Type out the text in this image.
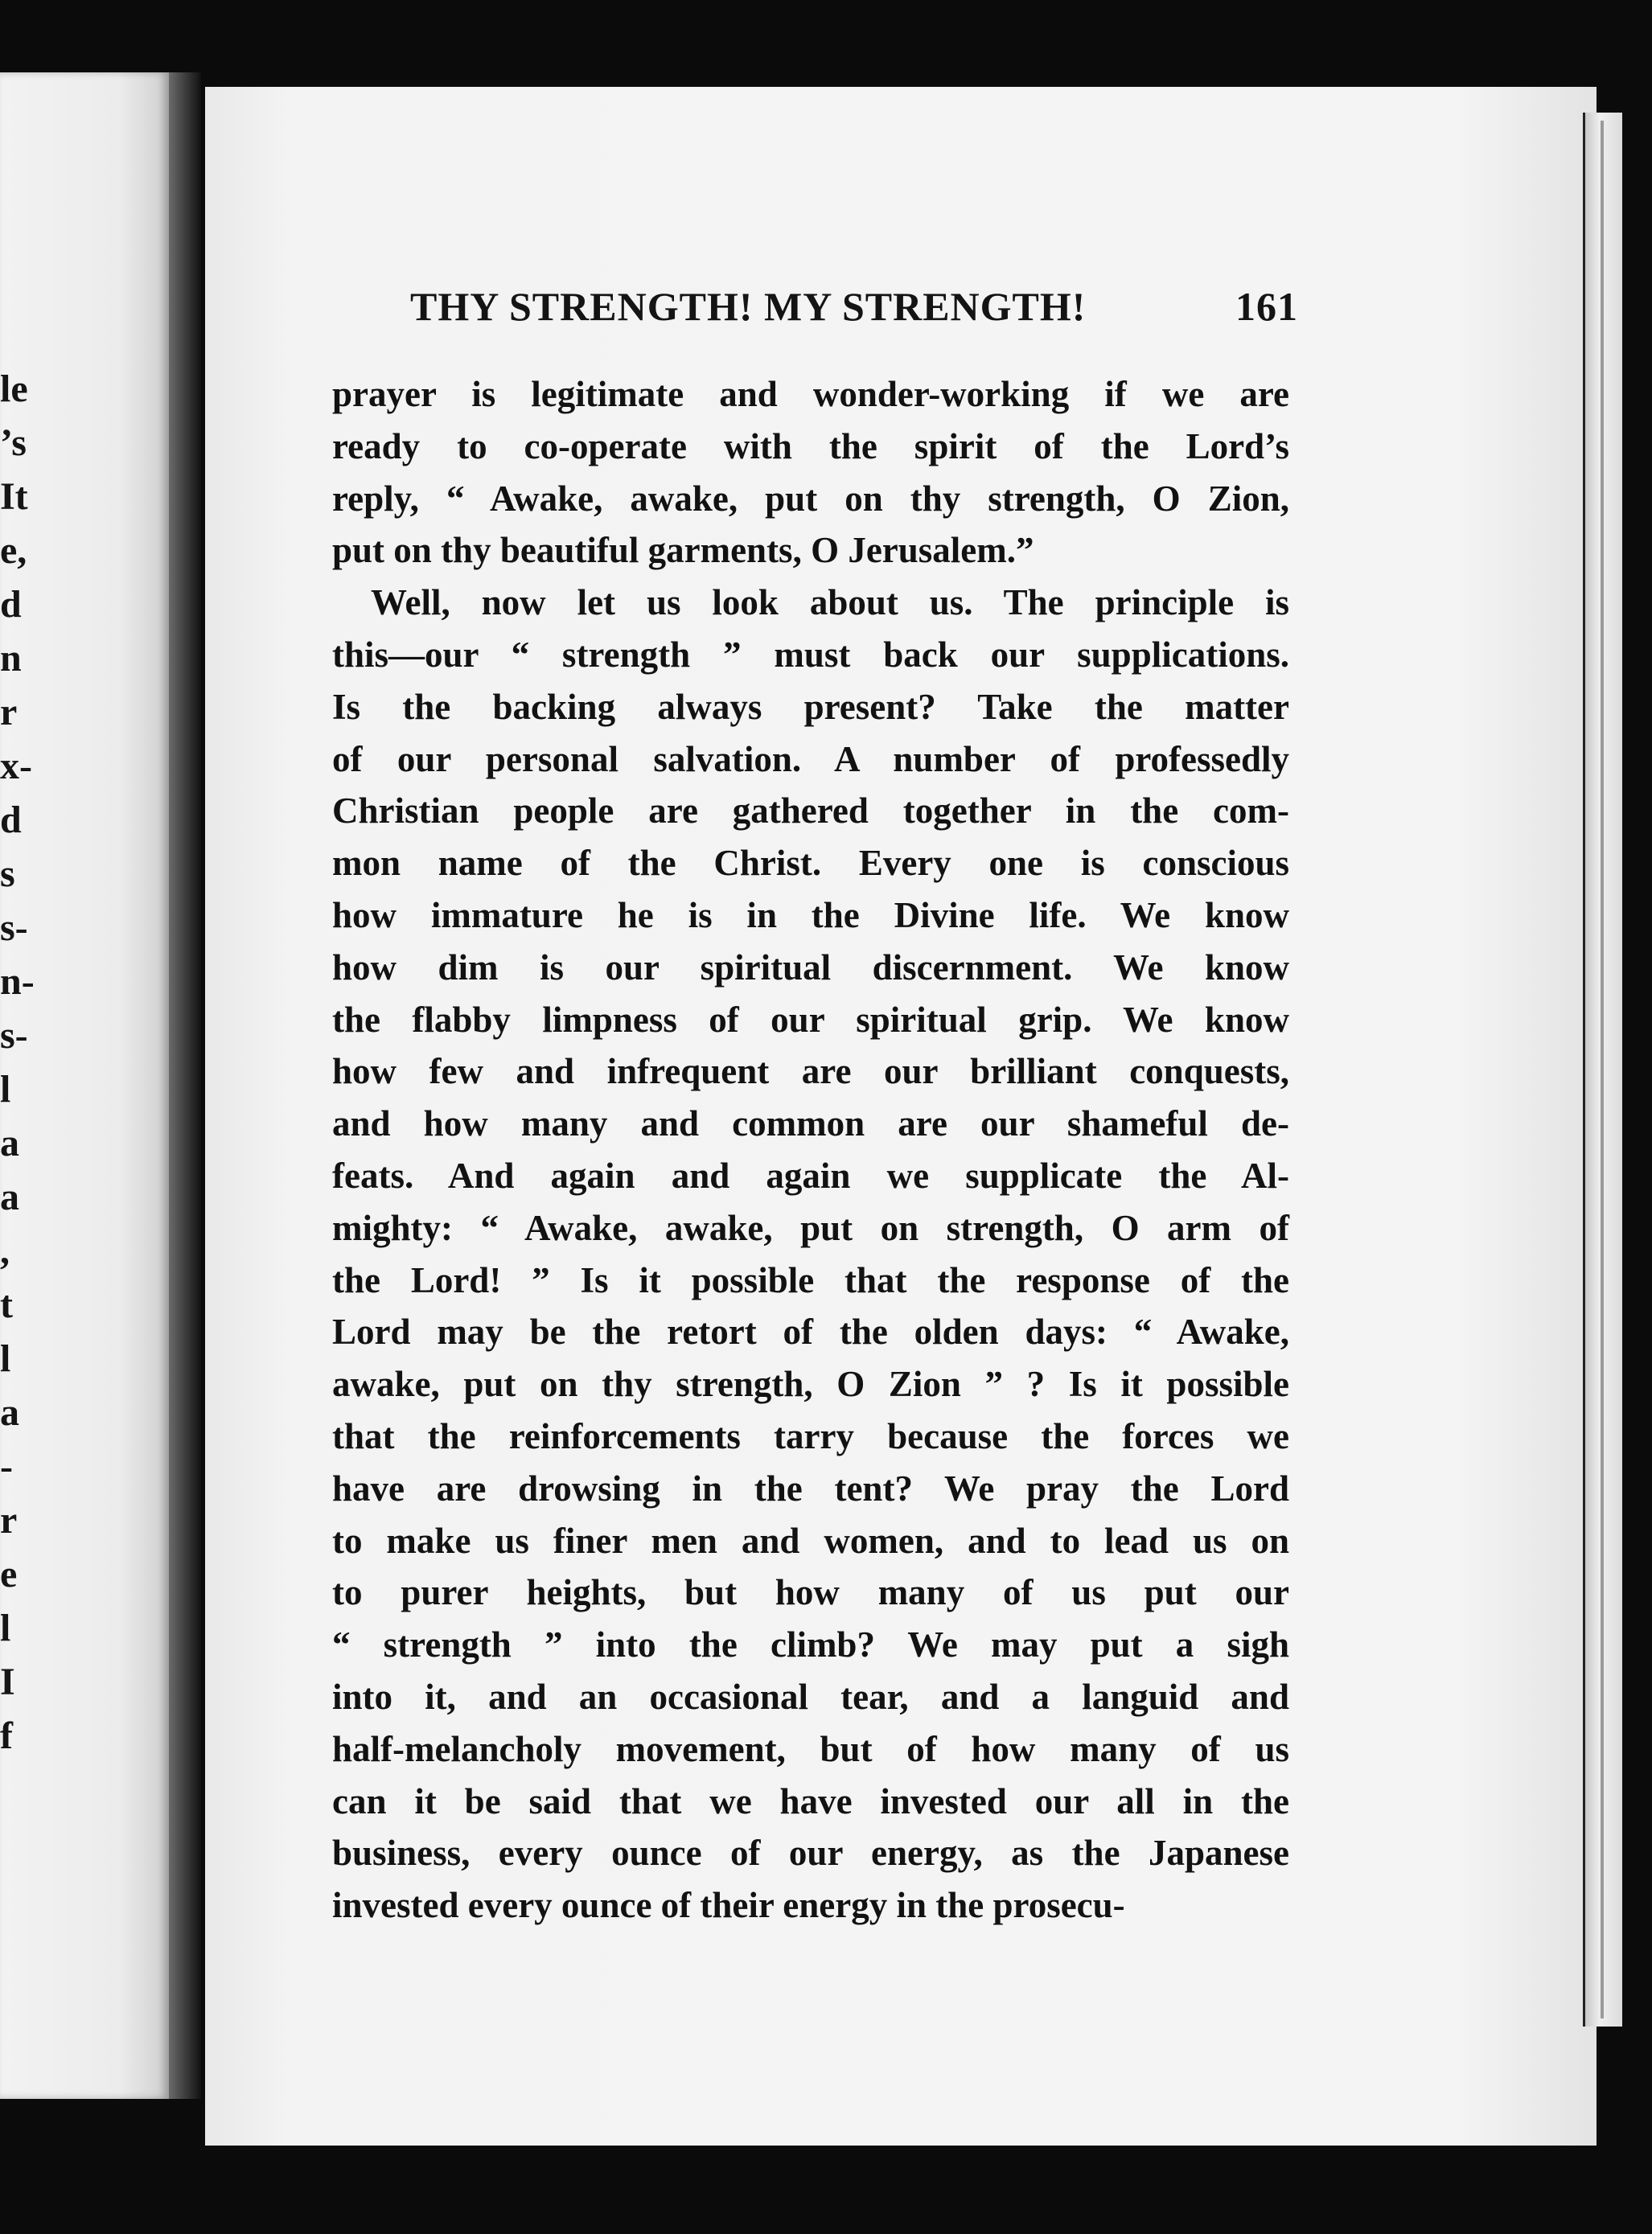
le
’s
It
e,
d
n
r
x-
d
s
s-
n-
s-
l
a
a
,
t
l
a
-
r
e
l
I
f
THY STRENGTH! MY STRENGTH!	161
prayer is legitimate and wonder-working if we are
ready to co-operate with the spirit of the Lord’s
reply, “ Awake, awake, put on thy strength, O Zion,
put on thy beautiful garments, O Jerusalem.”
Well, now let us look about us. The principle is
this—our “ strength ” must back our supplications.
Is the backing always present? Take the matter
of our personal salvation. A number of professedly
Christian people are gathered together in the com-
mon name of the Christ. Every one is conscious
how immature he is in the Divine life. We know
how dim is our spiritual discernment. We know
the flabby limpness of our spiritual grip. We know
how few and infrequent are our brilliant conquests,
and how many and common are our shameful de-
feats. And again and again we supplicate the Al-
mighty: “ Awake, awake, put on strength, O arm of
the Lord! ” Is it possible that the response of the
Lord may be the retort of the olden days: “ Awake,
awake, put on thy strength, O Zion ” ? Is it possible
that the reinforcements tarry because the forces we
have are drowsing in the tent? We pray the Lord
to make us finer men and women, and to lead us on
to purer heights, but how many of us put our
“ strength ” into the climb? We may put a sigh
into it, and an occasional tear, and a languid and
half-melancholy movement, but of how many of us
can it be said that we have invested our all in the
business, every ounce of our energy, as the Japanese
invested every ounce of their energy in the prosecu-
